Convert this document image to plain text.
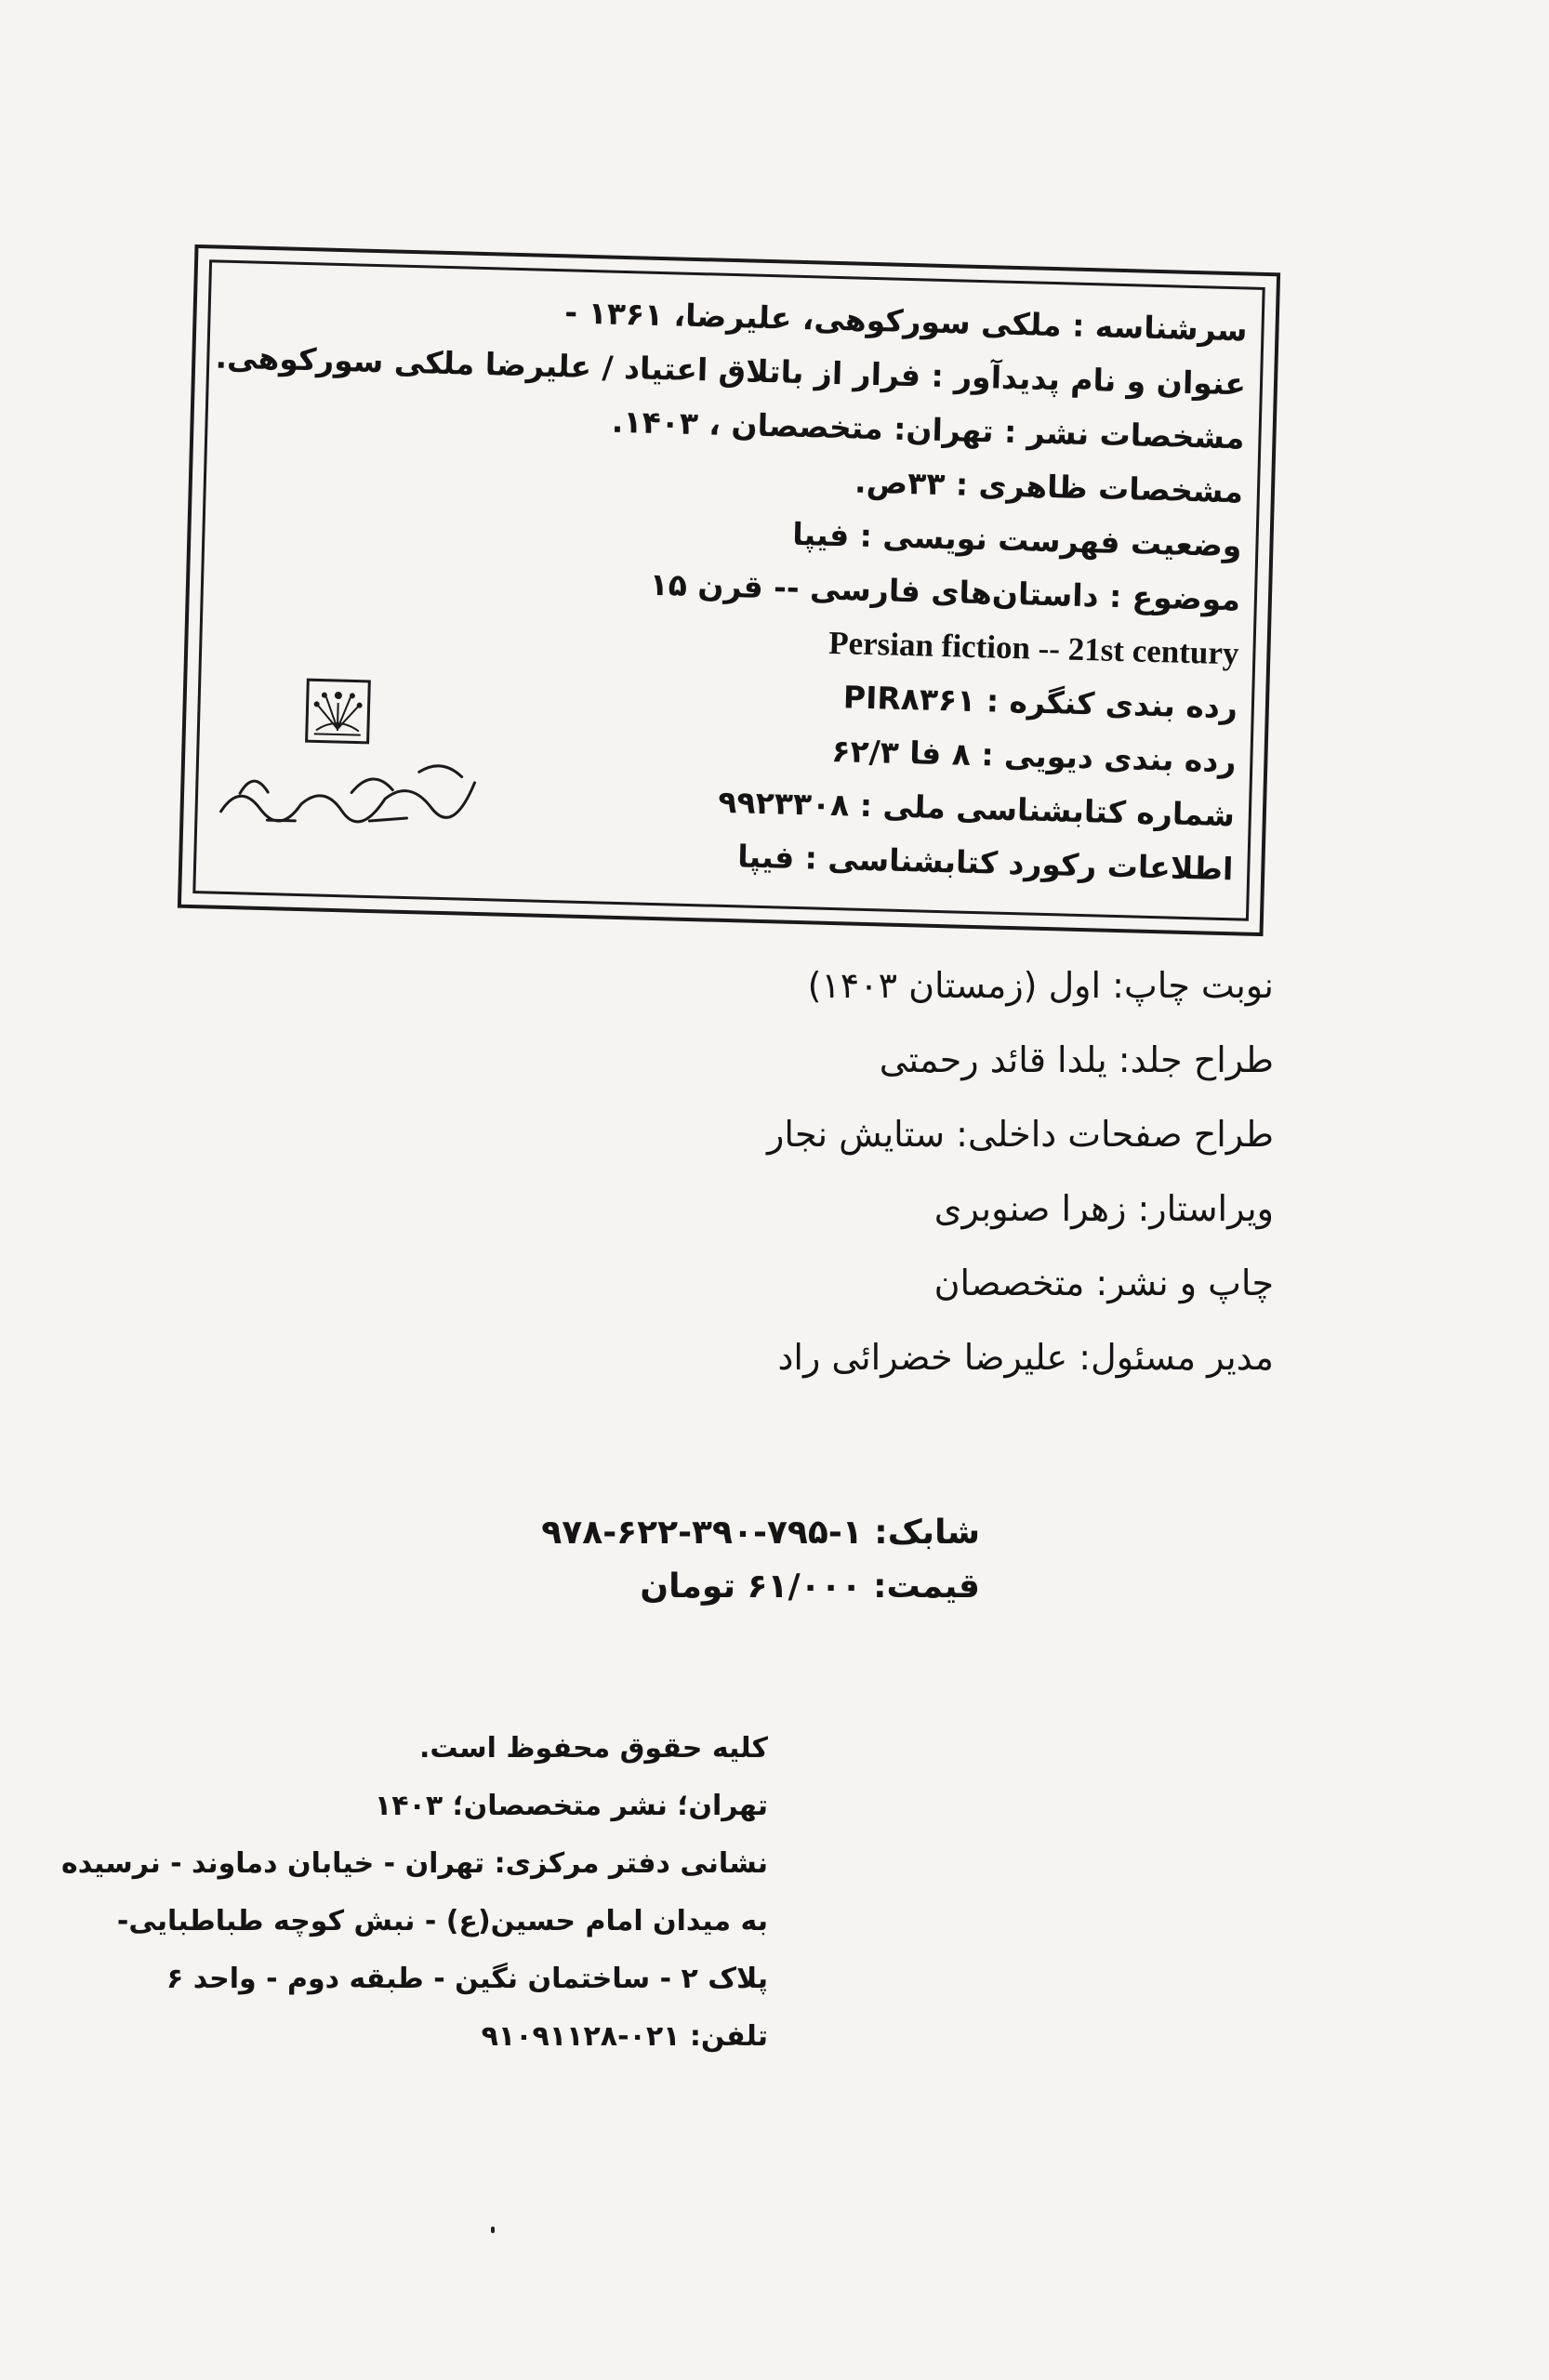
سرشناسه : ملکی سورکوهی، علیرضا، ۱۳۶۱ -
عنوان و نام پدیدآور : فرار از باتلاق اعتیاد / علیرضا ملکی سورکوهی.
مشخصات نشر : تهران: متخصصان ، ۱۴۰۳.
مشخصات ظاهری : ۳۳ص.
وضعیت فهرست نویسی : فیپا
موضوع : داستان‌های فارسی -- قرن ۱۵
Persian fiction -- 21st century
رده بندی کنگره : PIR۸۳۶۱
رده بندی دیویی : ۸ فا ۶۲/۳
شماره کتابشناسی ملی : ۹۹۲۳۳۰۸
اطلاعات رکورد کتابشناسی : فیپا
نوبت چاپ: اول (زمستان ۱۴۰۳)
طراح جلد: یلدا قائد رحمتی
طراح صفحات داخلی: ستایش نجار
ویراستار: زهرا صنوبری
چاپ و نشر: متخصصان
مدیر مسئول: علیرضا خضرائی راد
شابک: ۱-۷۹۵-۳۹۰-۶۲۲-۹۷۸
قیمت: ۶۱/۰۰۰ تومان
کلیه حقوق محفوظ است.
تهران؛ نشر متخصصان؛ ۱۴۰۳
نشانی دفتر مرکزی: تهران - خیابان دماوند - نرسیده
به میدان امام حسین(ع) - نبش کوچه طباطبایی-
پلاک ۲ - ساختمان نگین - طبقه دوم - واحد ۶
تلفن: ۰۲۱-۹۱۰۹۱۱۲۸
